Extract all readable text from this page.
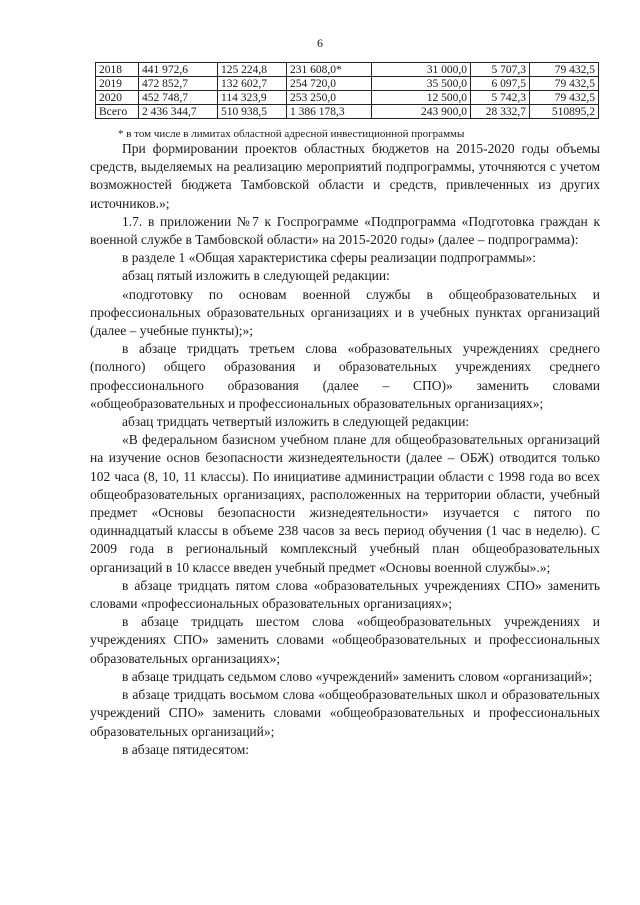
6
2018	441 972,6	125 224,8	231 608,0*	31 000,0	5 707,3	79 432,5
2019	472 852,7	132 602,7	254 720,0	35 500,0	6 097,5	79 432,5
2020	452 748,7	114 323,9	253 250,0	12 500,0	5 742,3	79 432,5
Всего	2 436 344,7	510 938,5	1 386 178,3	243 900,0	28 332,7	510895,2
* в том числе в лимитах областной адресной инвестиционной программы

При формировании проектов областных бюджетов на 2015-2020 годы объемы средств, выделяемых на реализацию мероприятий подпрограммы, уточняются с учетом возможностей бюджета Тамбовской области и средств, привлеченных из других источников.»;

1.7. в приложении №7 к Госпрограмме «Подпрограмма «Подготовка граждан к военной службе в Тамбовской области» на 2015-2020 годы» (далее – подпрограмма):

в разделе 1 «Общая характеристика сферы реализации подпрограммы»:

абзац пятый изложить в следующей редакции:

«подготовку по основам военной службы в общеобразовательных и профессиональных образовательных организациях и в учебных пунктах организаций (далее – учебные пункты);»;

в абзаце тридцать третьем слова «образовательных учреждениях среднего (полного) общего образования и образовательных учреждениях среднего профессионального образования (далее – СПО)» заменить словами «общеобразовательных и профессиональных образовательных организациях»;

абзац тридцать четвертый изложить в следующей редакции:

«В федеральном базисном учебном плане для общеобразовательных организаций на изучение основ безопасности жизнедеятельности (далее – ОБЖ) отводится только 102 часа (8, 10, 11 классы). По инициативе администрации области с 1998 года во всех общеобразовательных организациях, расположенных на территории области, учебный предмет «Основы безопасности жизнедеятельности» изучается с пятого по одиннадцатый классы в объеме 238 часов за весь период обучения (1 час в неделю). С 2009 года в региональный комплексный учебный план общеобразовательных организаций в 10 классе введен учебный предмет «Основы военной службы».»;

в абзаце тридцать пятом слова «образовательных учреждениях СПО» заменить словами «профессиональных образовательных организациях»;

в абзаце тридцать шестом слова «общеобразовательных учреждениях и учреждениях СПО» заменить словами «общеобразовательных и профессиональных образовательных организациях»;

в абзаце тридцать седьмом слово «учреждений» заменить словом «организаций»;

в абзаце тридцать восьмом слова «общеобразовательных школ и образовательных учреждений СПО» заменить словами «общеобразовательных и профессиональных образовательных организаций»;

в абзаце пятидесятом:
